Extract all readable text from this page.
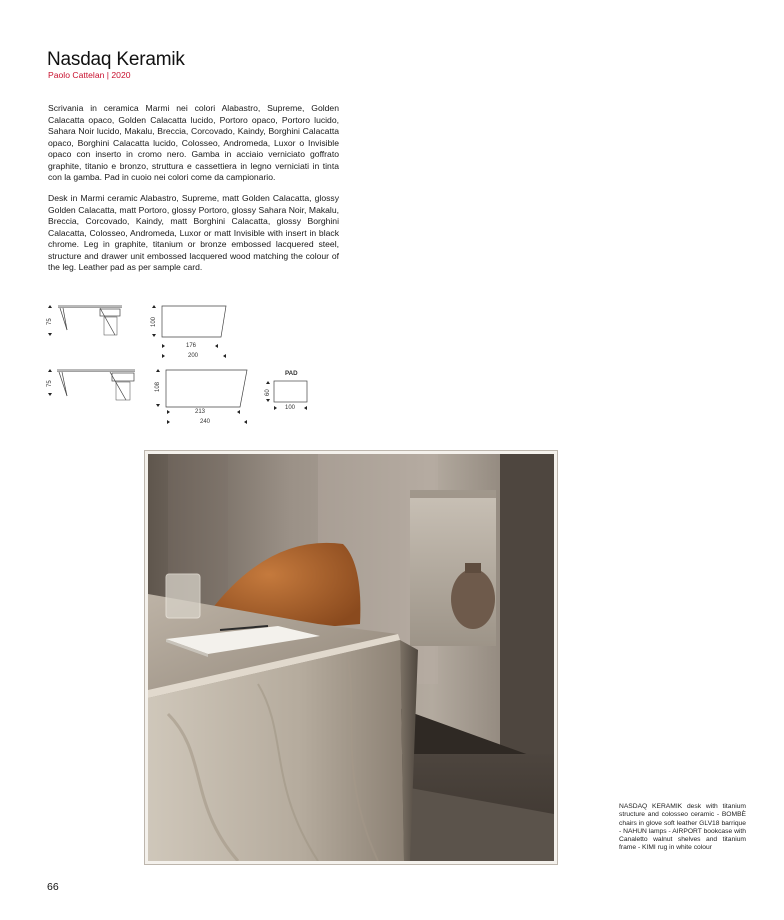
Nasdaq Keramik
Paolo Cattelan | 2020

Scrivania in ceramica Marmi nei colori Alabastro, Supreme, Golden Calacatta opaco, Golden Calacatta lucido, Portoro opaco, Portoro lucido, Sahara Noir lucido, Makalu, Breccia, Corcovado, Kaindy, Borghini Calacatta opaco, Borghini Calacatta lucido, Colosseo, Andromeda, Luxor o Invisible opaco con inserto in cromo nero. Gamba in acciaio verniciato goffrato graphite, titanio e bronzo, struttura e cassettiera in legno verniciati in tinta con la gamba. Pad in cuoio nei colori come da campionario.

Desk in Marmi ceramic Alabastro, Supreme, matt Golden Calacatta, glossy Golden Calacatta, matt Portoro, glossy Portoro, glossy Sahara Noir, Makalu, Breccia, Corcovado, Kaindy, matt Borghini Calacatta, glossy Borghini Calacatta, Colosseo, Andromeda, Luxor or matt Invisible with insert in black chrome. Leg in graphite, titanium or bronze embossed lacquered steel, structure and drawer unit embossed lacquered wood matching the colour of the leg. Leather pad as per sample card.

75	100
176
200
75	108
213
240
PAD
60
100

NASDAQ KERAMIK desk with titanium structure and colosseo ceramic - BOMBÈ chairs in glove soft leather GLV18 barrique - NAHUN lamps - AIRPORT bookcase with Canaletto walnut shelves and titanium frame - KIMI rug in white colour

66
